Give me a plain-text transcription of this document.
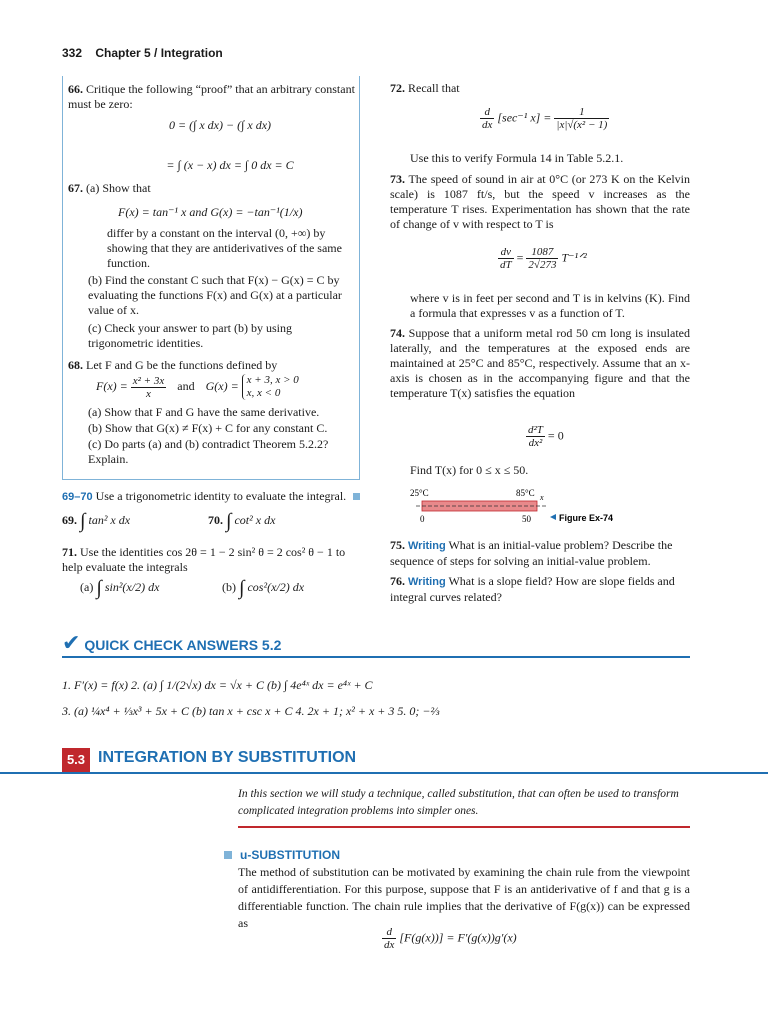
332 Chapter 5 / Integration
66. Critique the following “proof” that an arbitrary constant must be zero:
0 = (∫ x dx) − (∫ x dx)
= ∫ (x − x) dx = ∫ 0 dx = C
67. (a) Show that
F(x) = tan⁻¹ x and G(x) = −tan⁻¹(1/x)
differ by a constant on the interval (0, +∞) by showing that they are antiderivatives of the same function.
(b) Find the constant C such that F(x) − G(x) = C by evaluating the functions F(x) and G(x) at a particular value of x.
(c) Check your answer to part (b) by using trigonometric identities.
68. Let F and G be the functions defined by
$F(x) = \frac{\text{x² + 3x}}{x}$ and G(x) = x + 3, x > 0
x, x < 0
(a) Show that F and G have the same derivative.
(b) Show that G(x) ≠ F(x) + C for any constant C.
(c) Do parts (a) and (b) contradict Theorem 5.2.2? Explain.
69–70 Use a trigonometric identity to evaluate the integral.
69. ∫ tan² x dx	70. ∫ cot² x dx
71. Use the identities cos 2θ = 1 − 2 sin² θ = 2 cos² θ − 1 to help evaluate the integrals
(a) ∫ sin²(x/2) dx	(b) ∫ cos²(x/2) dx
72. Recall that
$\frac{d}{dx} [\sec^{-1}$ $x] = \frac{1}{\text{|x|√(x² − 1)}}$
Use this to verify Formula 14 in Table 5.2.1.
73. The speed of sound in air at 0°C (or 273 K on the Kelvin scale) is 1087 ft/s, but the speed v increases as the temperature T rises. Experimentation has shown that the rate of change of v with respect to T is
$\frac{dv}{dT} = \frac{1087}{2√273}$ T⁻¹ᐟ²
where v is in feet per second and T is in kelvins (K). Find a formula that expresses v as a function of T.
74. Suppose that a uniform metal rod 50 cm long is insulated laterally, and the temperatures at the exposed ends are maintained at 25°C and 85°C, respectively. Assume that an x-axis is chosen as in the accompanying figure and that the temperature T(x) satisfies the equation
$\frac{\text{d²T}}{\text{dx²}} = 0$
Find T(x) for 0 ≤ x ≤ 50.
25°C	85°C x
0	50	Figure Ex-74
75. Writing What is an initial-value problem? Describe the sequence of steps for solving an initial-value problem.
76. Writing What is a slope field? How are slope fields and integral curves related?
✔ QUICK CHECK ANSWERS 5.2
1. F′(x) = f(x) 2. (a) ∫ 1/(2√x) dx = √x + C (b) ∫ 4e⁴ˣ dx = e⁴ˣ + C
3. (a) ¼x⁴ + ⅓x³ + 5x + C (b) tan x + csc x + C 4. 2x + 1; x² + x + 3 5. 0; −⅔
5.3 INTEGRATION BY SUBSTITUTION
In this section we will study a technique, called substitution, that can often be used to transform complicated integration problems into simpler ones.
u-SUBSTITUTION
The method of substitution can be motivated by examining the chain rule from the viewpoint of antidifferentiation. For this purpose, suppose that F is an antiderivative of f and that g is a differentiable function. The chain rule implies that the derivative of F(g(x)) can be expressed as
$\frac{d}{dx} [F(g(x))] = F'(g(x))g'(x)$
